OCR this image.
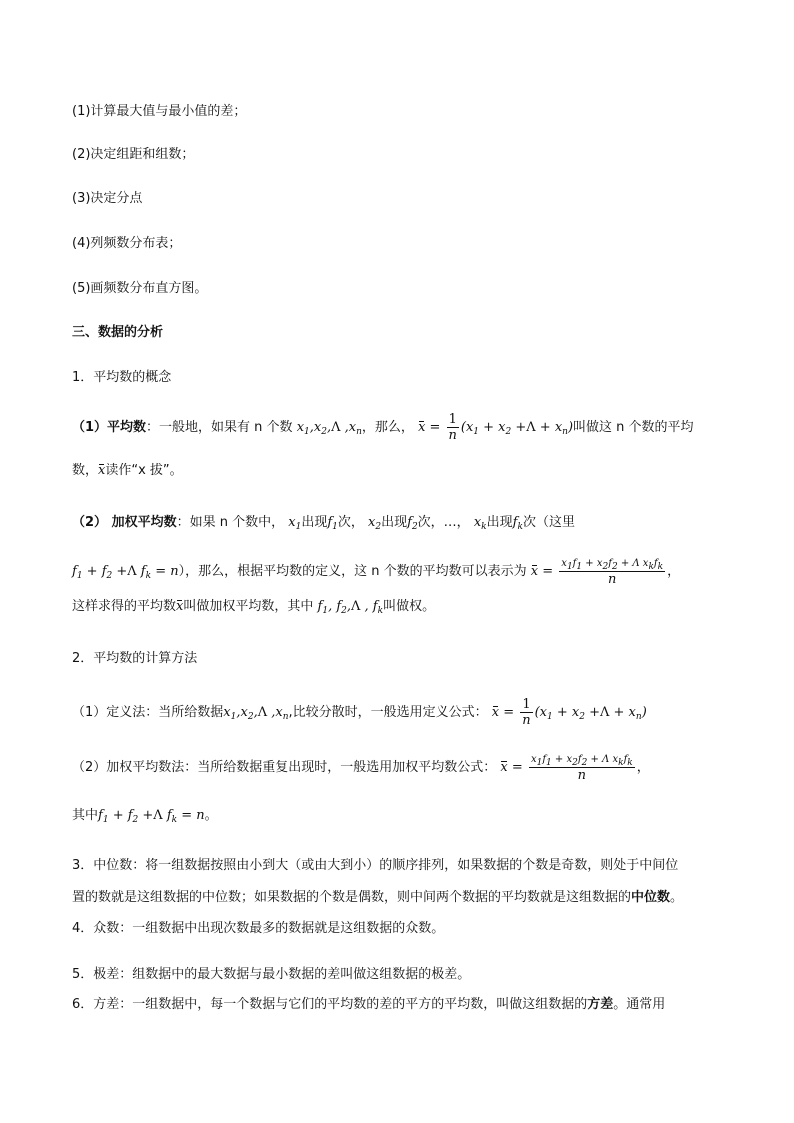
(1)计算最大值与最小值的差；
(2)决定组距和组数；
(3)决定分点
(4)列频数分布表；
(5)画频数分布直方图。
三、数据的分析
1．平均数的概念
（1）平均数：一般地，如果有 n 个数 $x_1,x_2,\Lambda$ $,x_n$，那么， $x = \frac{1}{n} (x_1 + x_2 +\Lambda + x_n)$叫做这 n 个数的平均
数，x读作“x 拔”。
（2） 加权平均数：如果 n 个数中， $x_1$出现$f_1$次， $x_2$出现$f_2$次，…， $x_k$出现$f_k$次（这里
$f_1 + f_2 +\Lambda$ $f_k = n$），那么，根据平均数的定义，这 n 个数的平均数可以表示为 $x = \frac{x_1f_1 + x_2f_2 + \Lambda x_kf_k}{n}$ ，
这样求得的平均数x叫做加权平均数，其中 $f_1$, $f_2,\Lambda$ , $f_k$叫做权。
2．平均数的计算方法
（1）定义法：当所给数据$x_1,x_2,\Lambda$ $,x_n$,比较分散时，一般选用定义公式： $x = \frac{1}{n} (x_1 + x_2 +\Lambda + x_n)$
（2）加权平均数法：当所给数据重复出现时，一般选用加权平均数公式： $x = \frac{x_1f_1 + x_2f_2 + \Lambda x_kf_k}{n}$ ，
其中$f_1 + f_2 +\Lambda$ $f_k = n$。
3．中位数：将一组数据按照由小到大（或由大到小）的顺序排列，如果数据的个数是奇数，则处于中间位
置的数就是这组数据的中位数；如果数据的个数是偶数，则中间两个数据的平均数就是这组数据的中位数。
4．众数：一组数据中出现次数最多的数据就是这组数据的众数。
5．极差：组数据中的最大数据与最小数据的差叫做这组数据的极差。
6．方差：一组数据中，每一个数据与它们的平均数的差的平方的平均数，叫做这组数据的方差。通常用
